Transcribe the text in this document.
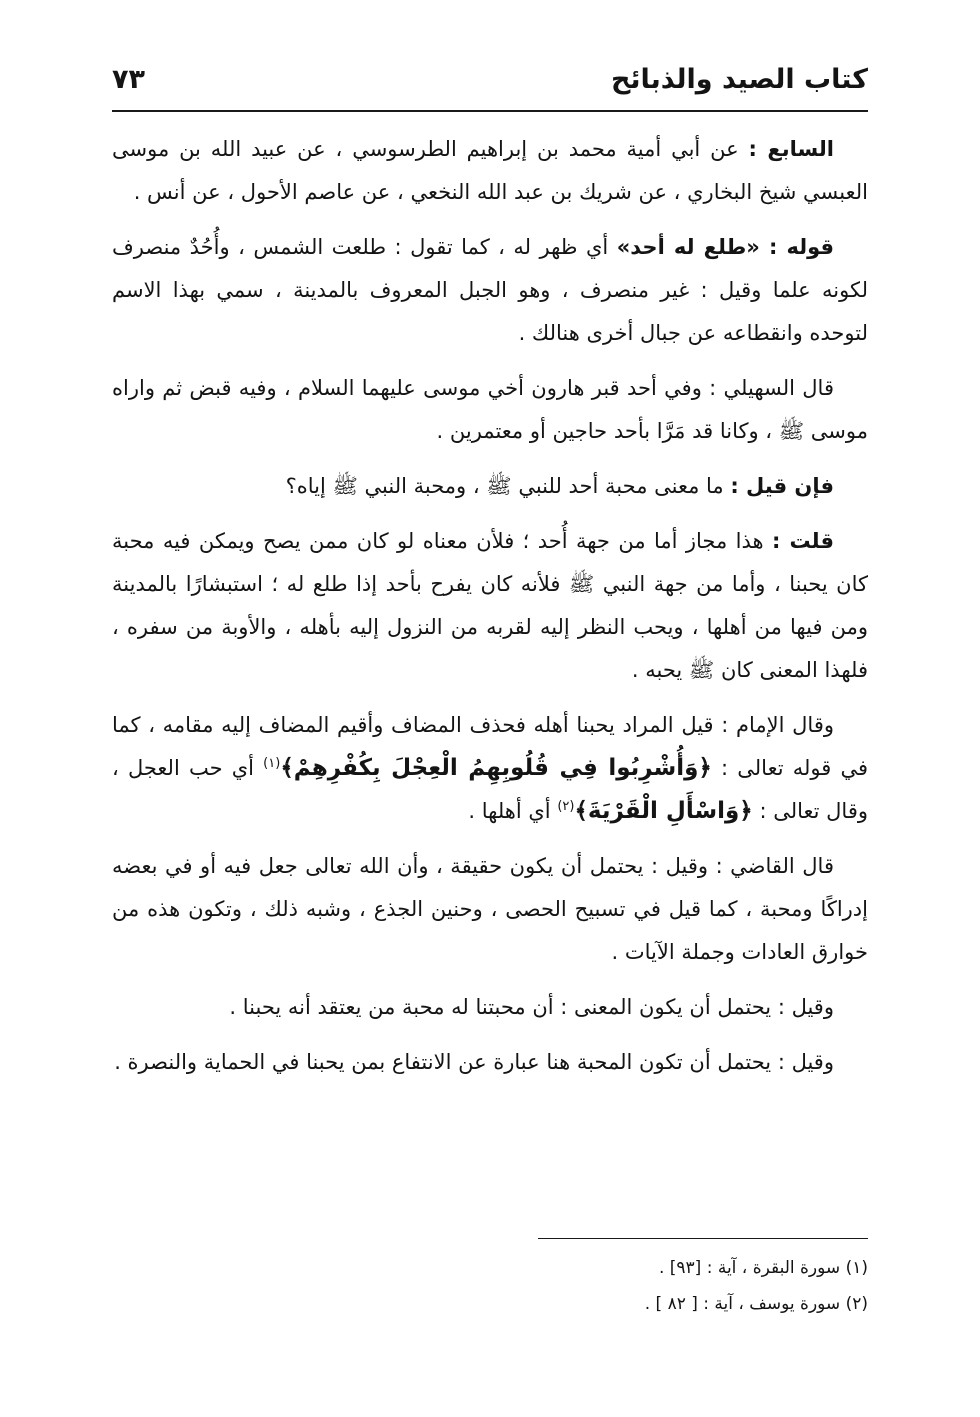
كتاب الصيد والذبائح
٧٣

السابع : عن أبي أمية محمد بن إبراهيم الطرسوسي ، عن عبيد الله بن موسى العبسي شيخ البخاري ، عن شريك بن عبد الله النخعي ، عن عاصم الأحول ، عن أنس .

قوله : «طلع له أحد» أي ظهر له ، كما تقول : طلعت الشمس ، وأُحُدٌ منصرف لكونه علما وقيل : غير منصرف ، وهو الجبل المعروف بالمدينة ، سمي بهذا الاسم لتوحده وانقطاعه عن جبال أخرى هنالك .

قال السهيلي : وفي أحد قبر هارون أخي موسى عليهما السلام ، وفيه قبض ثم واراه موسى ﷺ ، وكانا قد مَرَّا بأحد حاجين أو معتمرين .

فإن قيل : ما معنى محبة أحد للنبي ﷺ ، ومحبة النبي ﷺ إياه؟

قلت : هذا مجاز أما من جهة أُحد ؛ فلأن معناه لو كان ممن يصح ويمكن فيه محبة كان يحبنا ، وأما من جهة النبي ﷺ فلأنه كان يفرح بأحد إذا طلع له ؛ استبشارًا بالمدينة ومن فيها من أهلها ، ويحب النظر إليه لقربه من النزول إليه بأهله ، والأوبة من سفره ، فلهذا المعنى كان ﷺ يحبه .

وقال الإمام : قيل المراد يحبنا أهله فحذف المضاف وأقيم المضاف إليه مقامه ، كما في قوله تعالى : ﴿وَأُشْرِبُوا فِي قُلُوبِهِمُ الْعِجْلَ بِكُفْرِهِمْ﴾$^{(١)}$ أي حب العجل ، وقال تعالى : ﴿وَاسْأَلِ الْقَرْيَةَ﴾$^{(٢)}$ أي أهلها .

قال القاضي : وقيل : يحتمل أن يكون حقيقة ، وأن الله تعالى جعل فيه أو في بعضه إدراكًا ومحبة ، كما قيل في تسبيح الحصى ، وحنين الجذع ، وشبه ذلك ، وتكون هذه من خوارق العادات وجملة الآيات .

وقيل : يحتمل أن يكون المعنى : أن محبتنا له محبة من يعتقد أنه يحبنا .

وقيل : يحتمل أن تكون المحبة هنا عبارة عن الانتفاع بمن يحبنا في الحماية والنصرة .

(١) سورة البقرة ، آية : [٩٣] .

(٢) سورة يوسف ، آية : [ ٨٢ ] .
